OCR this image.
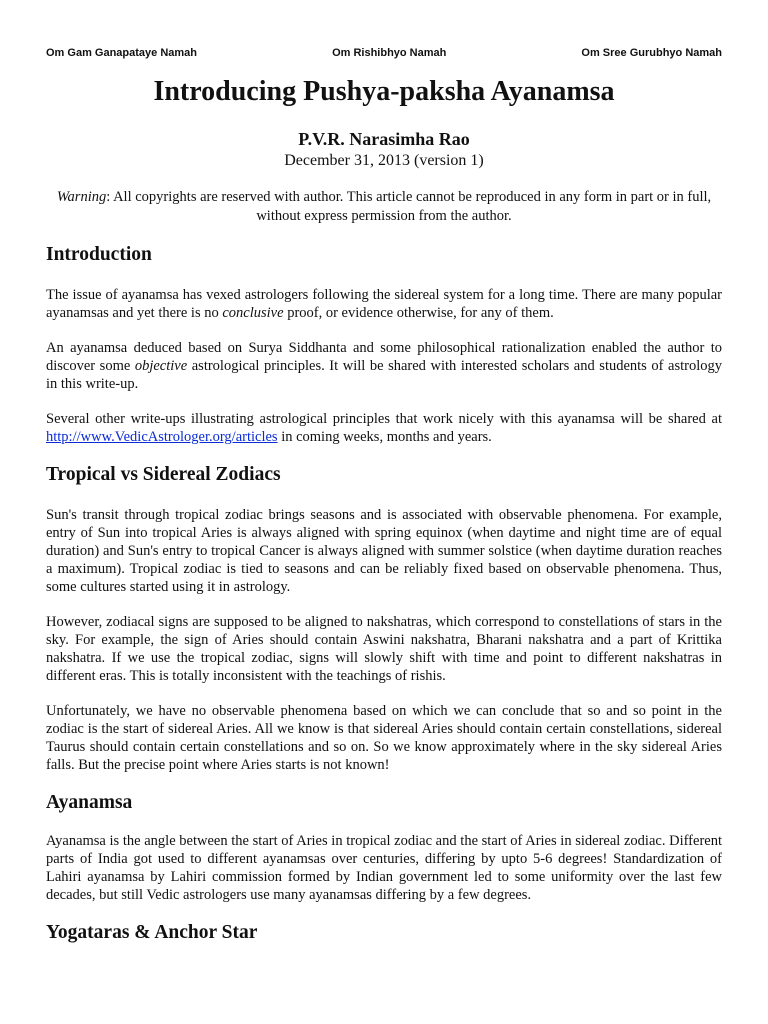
Om Gam Ganapataye Namah	Om Rishibhyo Namah	Om Sree Gurubhyo Namah
Introducing Pushya-paksha Ayanamsa
P.V.R. Narasimha Rao
December 31, 2013 (version 1)

Warning: All copyrights are reserved with author. This article cannot be reproduced in any form in part or in full, without express permission from the author.

Introduction

The issue of ayanamsa has vexed astrologers following the sidereal system for a long time. There are many popular ayanamsas and yet there is no conclusive proof, or evidence otherwise, for any of them.

An ayanamsa deduced based on Surya Siddhanta and some philosophical rationalization enabled the author to discover some objective astrological principles. It will be shared with interested scholars and students of astrology in this write-up.

Several other write-ups illustrating astrological principles that work nicely with this ayanamsa will be shared at http://www.VedicAstrologer.org/articles in coming weeks, months and years.

Tropical vs Sidereal Zodiacs

Sun's transit through tropical zodiac brings seasons and is associated with observable phenomena. For example, entry of Sun into tropical Aries is always aligned with spring equinox (when daytime and night time are of equal duration) and Sun's entry to tropical Cancer is always aligned with summer solstice (when daytime duration reaches a maximum). Tropical zodiac is tied to seasons and can be reliably fixed based on observable phenomena. Thus, some cultures started using it in astrology.

However, zodiacal signs are supposed to be aligned to nakshatras, which correspond to constellations of stars in the sky. For example, the sign of Aries should contain Aswini nakshatra, Bharani nakshatra and a part of Krittika nakshatra. If we use the tropical zodiac, signs will slowly shift with time and point to different nakshatras in different eras. This is totally inconsistent with the teachings of rishis.

Unfortunately, we have no observable phenomena based on which we can conclude that so and so point in the zodiac is the start of sidereal Aries. All we know is that sidereal Aries should contain certain constellations, sidereal Taurus should contain certain constellations and so on. So we know approximately where in the sky sidereal Aries falls. But the precise point where Aries starts is not known!

Ayanamsa

Ayanamsa is the angle between the start of Aries in tropical zodiac and the start of Aries in sidereal zodiac. Different parts of India got used to different ayanamsas over centuries, differing by upto 5-6 degrees! Standardization of Lahiri ayanamsa by Lahiri commission formed by Indian government led to some uniformity over the last few decades, but still Vedic astrologers use many ayanamsas differing by a few degrees.

Yogataras & Anchor Star
